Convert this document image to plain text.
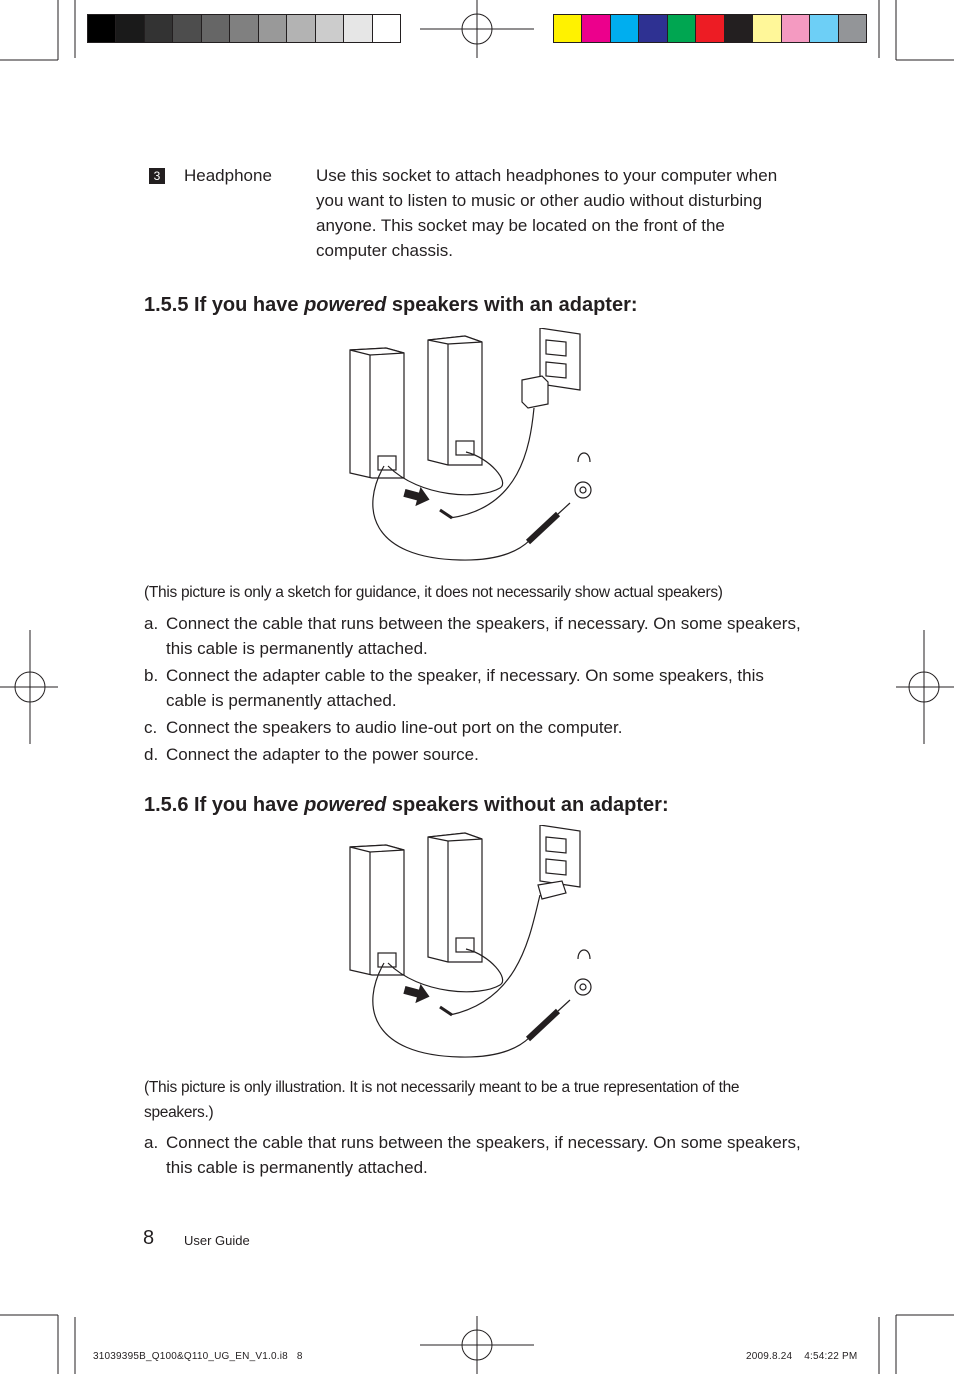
3 Headphone	Use this socket to attach headphones to your computer when you want to listen to music or other audio without disturbing anyone. This socket may be located on the front of the computer chassis.
1.5.5 If you have powered speakers with an adapter:
(This picture is only a sketch for guidance, it does not necessarily show actual speakers)
a. Connect the cable that runs between the speakers, if necessary. On some speakers, this cable is permanently attached.
b. Connect the adapter cable to the speaker, if necessary. On some speakers, this cable is permanently attached.
c. Connect the speakers to audio line-out port on the computer.
d. Connect the adapter to the power source.
1.5.6 If you have powered speakers without an adapter:
(This picture is only illustration. It is not necessarily meant to be a true representation of the speakers.)
a. Connect the cable that runs between the speakers, if necessary. On some speakers, this cable is permanently attached.
8 User Guide
31039395B_Q100&Q110_UG_EN_V1.0.i8   8	2009.8.24    4:54:22 PM
